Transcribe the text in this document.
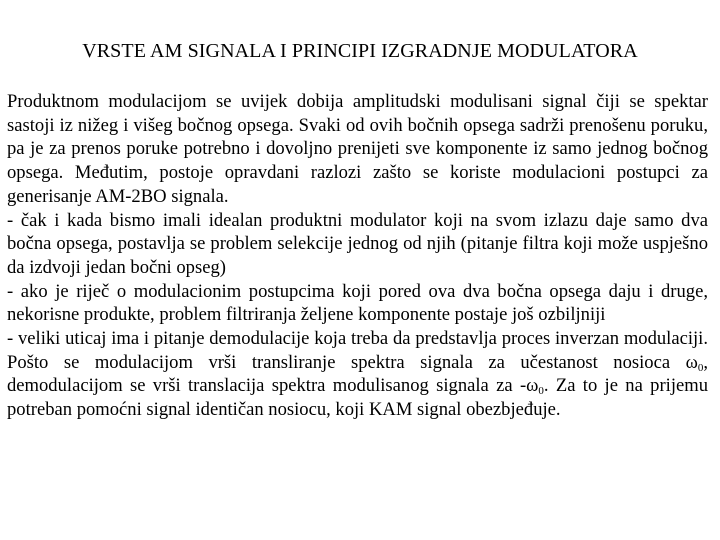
VRSTE AM SIGNALA I PRINCIPI IZGRADNJE MODULATORA

Produktnom modulacijom se uvijek dobija amplitudski modulisani signal čiji se spektar sastoji iz nižeg i višeg bočnog opsega. Svaki od ovih bočnih opsega sadrži prenošenu poruku, pa je za prenos poruke potrebno i dovoljno prenijeti sve komponente iz samo jednog bočnog opsega. Međutim, postoje opravdani razlozi zašto se koriste modulacioni postupci za generisanje AM-2BO signala.

- čak i kada bismo imali idealan produktni modulator koji na svom izlazu daje samo dva bočna opsega, postavlja se problem selekcije jednog od njih (pitanje filtra koji može uspješno da izdvoji jedan bočni opseg)

- ako je riječ o modulacionim postupcima koji pored ova dva bočna opsega daju i druge, nekorisne produkte, problem filtriranja željene komponente postaje još ozbiljniji

- veliki uticaj ima i pitanje demodulacije koja treba da predstavlja proces inverzan modulaciji. Pošto se modulacijom vrši transliranje spektra signala za učestanost nosioca $\omega_0$, demodulacijom se vrši translacija spektra modulisanog signala za $-\omega_0$. Za to je na prijemu potreban pomoćni signal identičan nosiocu, koji KAM signal obezbjeđuje.
